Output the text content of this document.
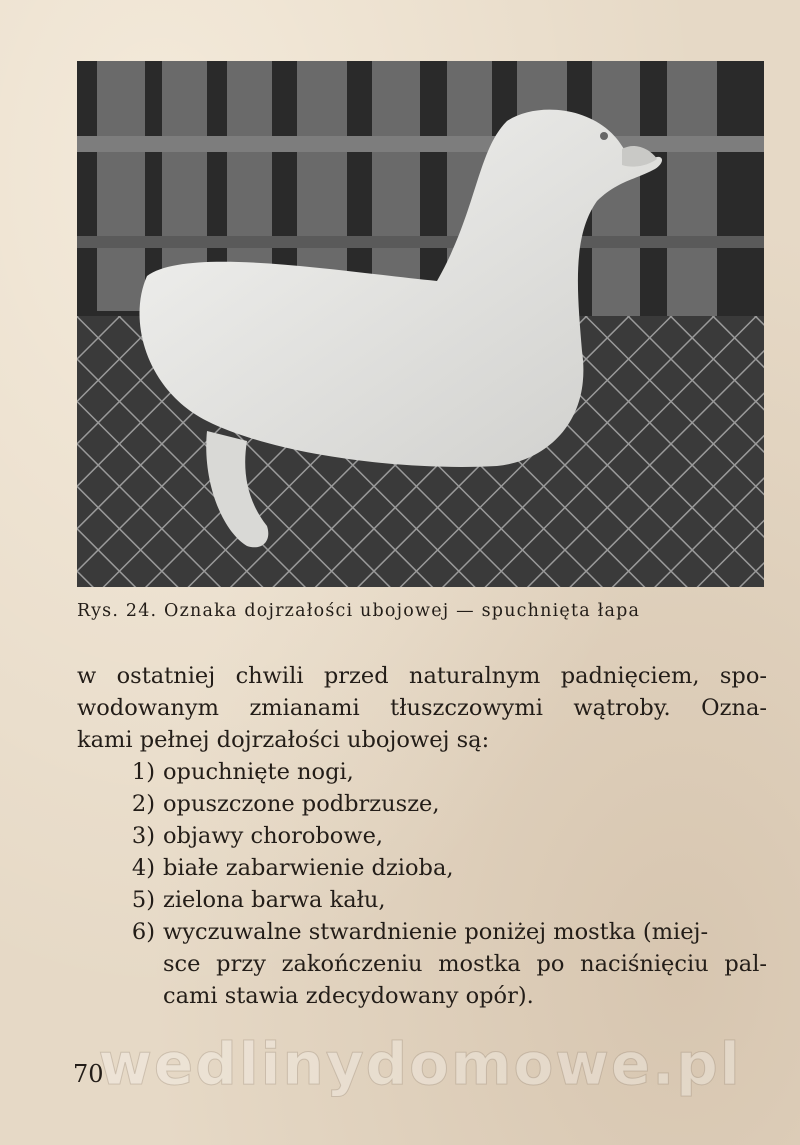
Rys. 24. Oznaka dojrzałości ubojowej — spuchnięta łapa
w ostatniej chwili przed naturalnym padnięciem, spo-
wodowanym zmianami tłuszczowymi wątroby. Ozna-
kami pełnej dojrzałości ubojowej są:
1) opuchnięte nogi,
2) opuszczone podbrzusze,
3) objawy chorobowe,
4) białe zabarwienie dzioba,
5) zielona barwa kału,
6) wyczuwalne stwardnienie poniżej mostka (miej-
sce przy zakończeniu mostka po naciśnięciu pal-
cami stawia zdecydowany opór).
wedlinydomowe.pl
70
